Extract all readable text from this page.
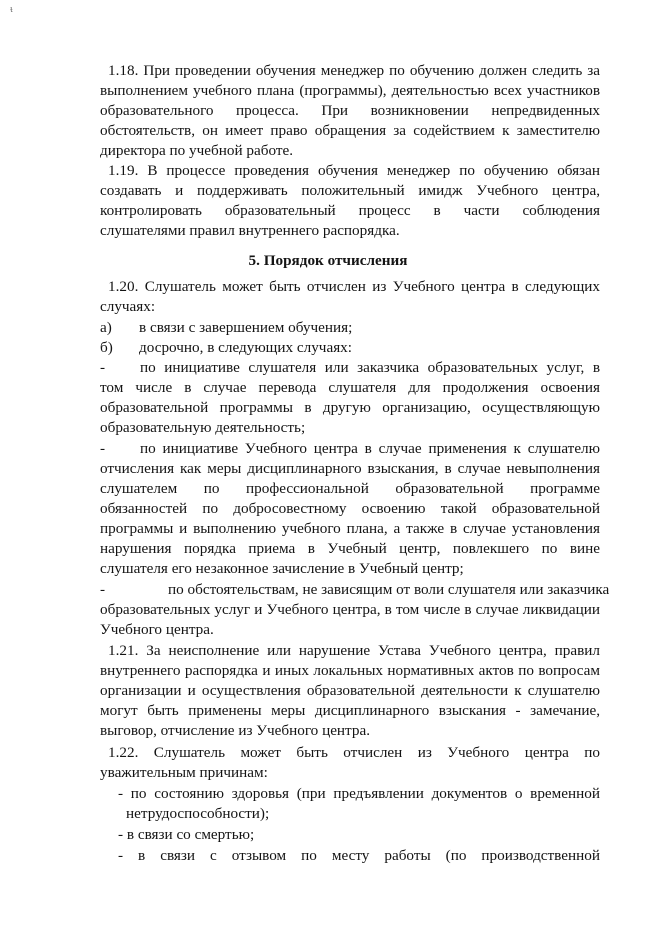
ᵼ
1.18. При проведении обучения менеджер по обучению должен следить за
выполнением учебного плана (программы), деятельностью всех участников
образовательного процесса. При возникновении непредвиденных
обстоятельств, он имеет право обращения за содействием к заместителю
директора по учебной работе.
1.19. В процессе проведения обучения менеджер по обучению обязан
создавать и поддерживать положительный имидж Учебного центра,
контролировать образовательный процесс в части соблюдения
слушателями правил внутреннего распорядка.
5. Порядок отчисления
1.20. Слушатель может быть отчислен из Учебного центра в следующих
случаях:
а) в связи с завершением обучения;
б) досрочно, в следующих случаях:
- по инициативе слушателя или заказчика образовательных услуг, в
том числе в случае перевода слушателя для продолжения освоения
образовательной программы в другую организацию, осуществляющую
образовательную деятельность;
- по инициативе Учебного центра в случае применения к слушателю
отчисления как меры дисциплинарного взыскания, в случае невыполнения
слушателем по профессиональной образовательной программе
обязанностей по добросовестному освоению такой образовательной
программы и выполнению учебного плана, а также в случае установления
нарушения порядка приема в Учебный центр, повлекшего по вине
слушателя его незаконное зачисление в Учебный центр;
-	по обстоятельствам, не зависящим от воли слушателя или заказчика
образовательных услуг и Учебного центра, в том числе в случае ликвидации
Учебного центра.
1.21. За неисполнение или нарушение Устава Учебного центра, правил
внутреннего распорядка и иных локальных нормативных актов по вопросам
организации и осуществления образовательной деятельности к слушателю
могут быть применены меры дисциплинарного взыскания - замечание,
выговор, отчисление из Учебного центра.
1.22. Слушатель может быть отчислен из Учебного центра по
уважительным причинам:
- по состоянию здоровья (при предъявлении документов о временной
нетрудоспособности);
- в связи со смертью;
- в связи с отзывом по месту работы (по производственной
